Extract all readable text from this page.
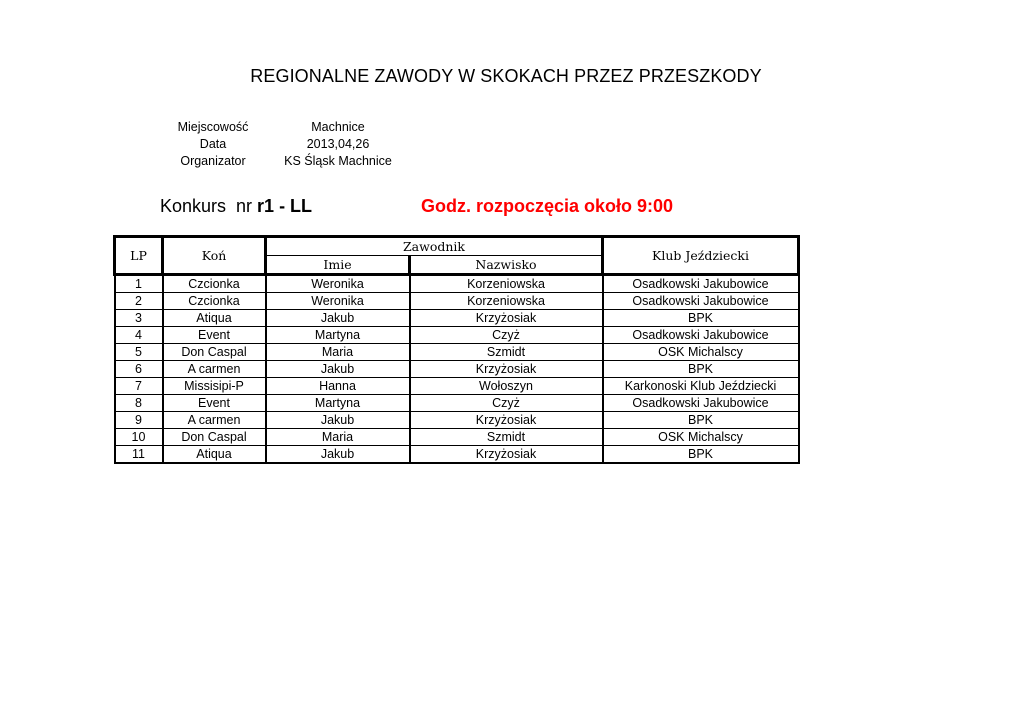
REGIONALNE ZAWODY W SKOKACH PRZEZ PRZESZKODY
Miejscowość	Machnice
Data	2013,04,26
Organizator	KS Śląsk Machnice
Konkurs  nr r1 - LL	Godz. rozpoczęcia około 9:00
LP	Koń	Zawodnik		Klub Jeździecki
		Imie	Nazwisko	
1	Czcionka	Weronika	Korzeniowska	Osadkowski Jakubowice
2	Czcionka	Weronika	Korzeniowska	Osadkowski Jakubowice
3	Atiqua	Jakub	Krzyżosiak	BPK
4	Event	Martyna	Czyż	Osadkowski Jakubowice
5	Don Caspal	Maria	Szmidt	OSK Michalscy
6	A carmen	Jakub	Krzyżosiak	BPK
7	Missisipi-P	Hanna	Wołoszyn	Karkonoski Klub Jeździecki
8	Event	Martyna	Czyż	Osadkowski Jakubowice
9	A carmen	Jakub	Krzyżosiak	BPK
10	Don Caspal	Maria	Szmidt	OSK Michalscy
11	Atiqua	Jakub	Krzyżosiak	BPK
